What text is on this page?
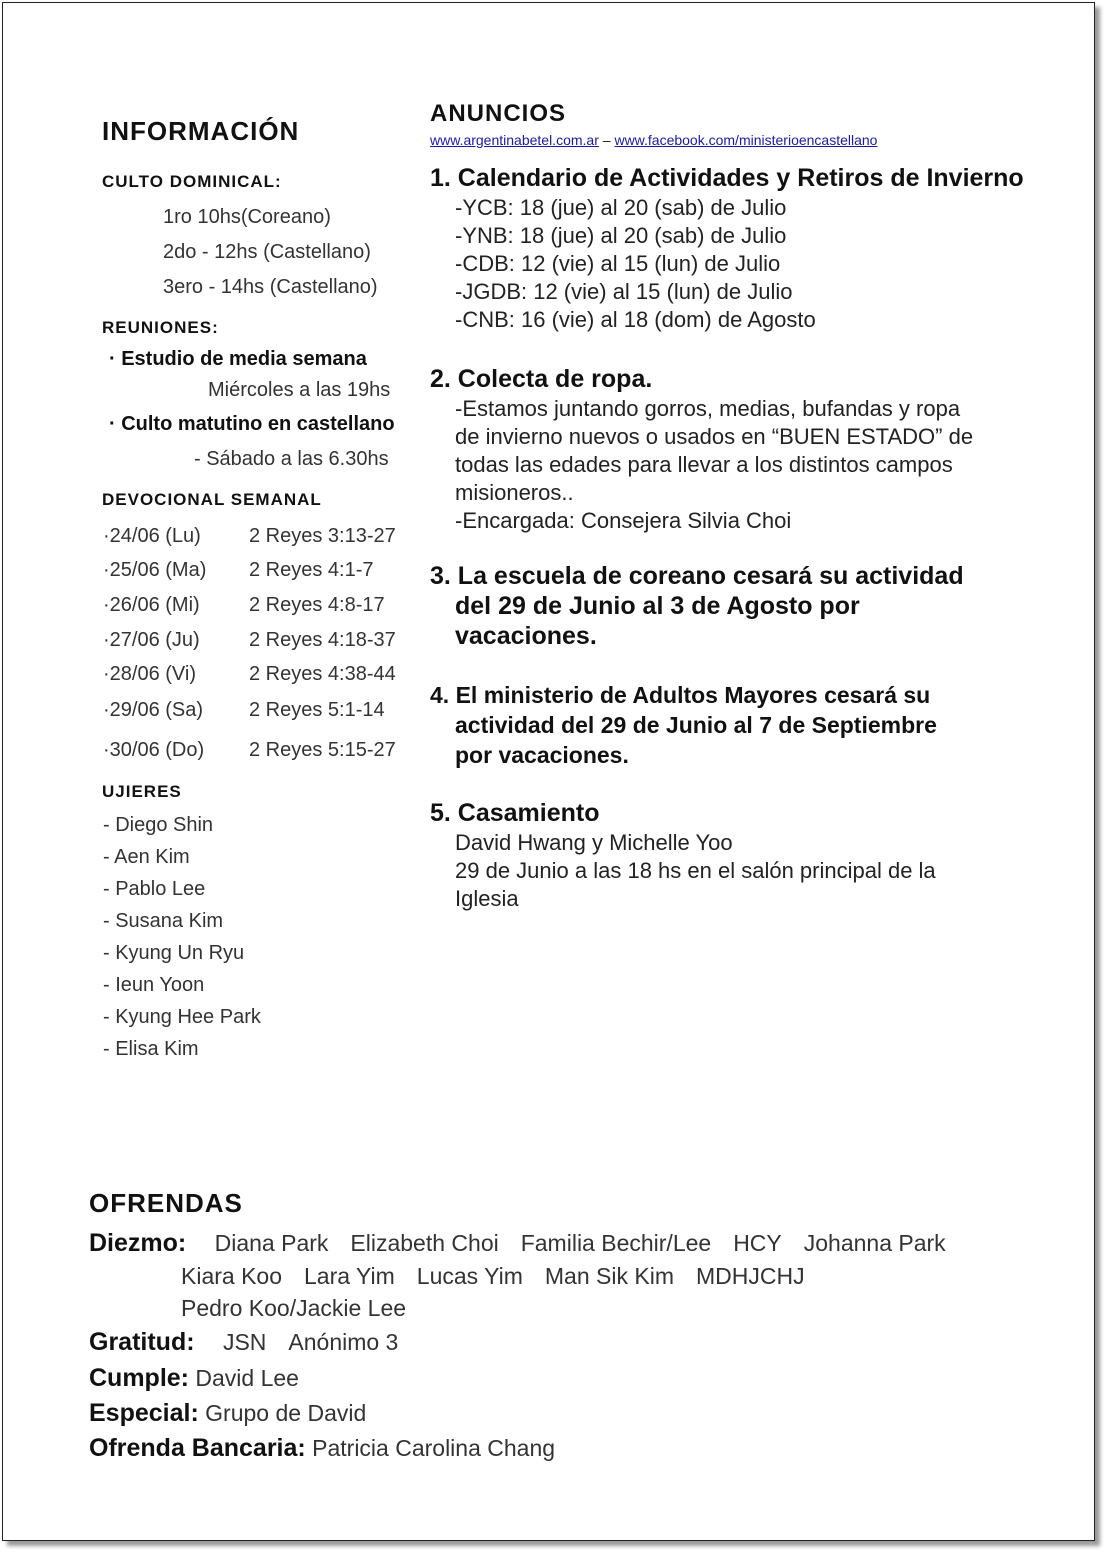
INFORMACIÓN
CULTO DOMINICAL:
1ro 10hs(Coreano)
2do - 12hs (Castellano)
3ero - 14hs (Castellano)
REUNIONES:
· Estudio de media semana
Miércoles a las 19hs
· Culto matutino en castellano
- Sábado a las 6.30hs
DEVOCIONAL SEMANAL
·24/06 (Lu) 2 Reyes 3:13-27
·25/06 (Ma) 2 Reyes 4:1-7
·26/06 (Mi) 2 Reyes 4:8-17
·27/06 (Ju) 2 Reyes 4:18-37
·28/06 (Vi)	2 Reyes 4:38-44
·29/06 (Sa) 2 Reyes 5:1-14
·30/06 (Do) 2 Reyes 5:15-27
UJIERES
- Diego Shin
- Aen Kim
- Pablo Lee
- Susana Kim
- Kyung Un Ryu
- Ieun Yoon
- Kyung Hee Park
- Elisa Kim
ANUNCIOS
www.argentinabetel.com.ar – www.facebook.com/ministerioencastellano
1. Calendario de Actividades y Retiros de Invierno
-YCB: 18 (jue) al 20 (sab) de Julio
-YNB: 18 (jue) al 20 (sab) de Julio
-CDB: 12 (vie) al 15 (lun) de Julio
-JGDB: 12 (vie) al 15 (lun) de Julio
-CNB: 16 (vie) al 18 (dom) de Agosto
2. Colecta de ropa.
-Estamos juntando gorros, medias, bufandas y ropa
de invierno nuevos o usados en “BUEN ESTADO” de
todas las edades para llevar a los distintos campos
misioneros..
-Encargada: Consejera Silvia Choi
3. La escuela de coreano cesará su actividad
del 29 de Junio al 3 de Agosto por
vacaciones.
4. El ministerio de Adultos Mayores cesará su
actividad del 29 de Junio al 7 de Septiembre
por vacaciones.
5. Casamiento
David Hwang y Michelle Yoo
29 de Junio a las 18 hs en el salón principal de la
Iglesia
OFRENDAS
Diezmo: Diana Park Elizabeth Choi Familia Bechir/Lee HCY Johanna Park
Kiara Koo Lara Yim Lucas Yim Man Sik Kim MDHJCHJ
Pedro Koo/Jackie Lee
Gratitud: JSN Anónimo 3
Cumple: David Lee
Especial: Grupo de David
Ofrenda Bancaria: Patricia Carolina Chang
